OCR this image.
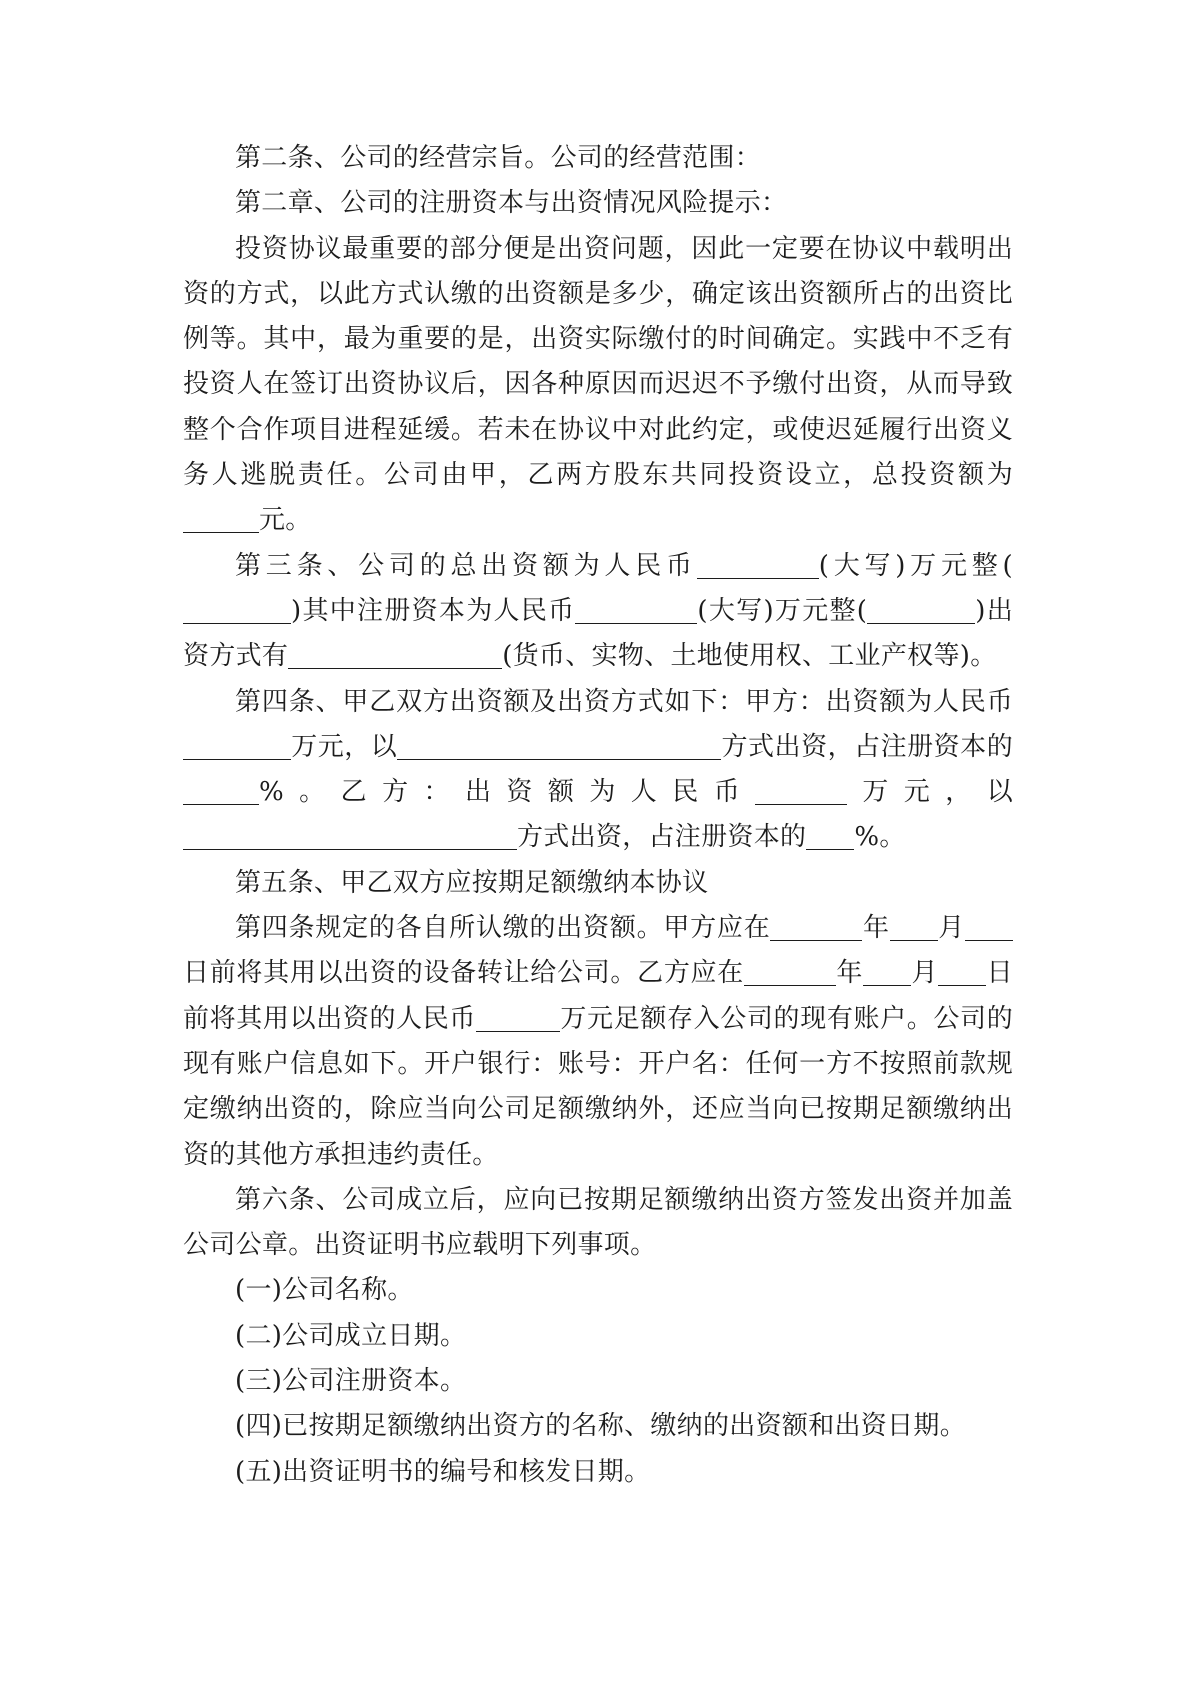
第二条、公司的经营宗旨。公司的经营范围：

第二章、公司的注册资本与出资情况风险提示：

投资协议最重要的部分便是出资问题，因此一定要在协议中载明出资的方式，以此方式认缴的出资额是多少，确定该出资额所占的出资比例等。其中，最为重要的是，出资实际缴付的时间确定。实践中不乏有投资人在签订出资协议后，因各种原因而迟迟不予缴付出资，从而导致整个合作项目进程延缓。若未在协议中对此约定，或使迟延履行出资义务人逃脱责任。公司由甲，乙两方股东共同投资设立，总投资额为元。

第三条、公司的总出资额为人民币	(大写)万元整()其中注册资本为人民币	(大写)万元整(	)出资方式有	(货币、实物、土地使用权、工业产权等)。

第四条、甲乙双方出资额及出资方式如下：甲方：出资额为人民币万元，以	方式出资，占注册资本的%。乙方：出资额为人民币	万元，以方式出资，占注册资本的 %。

第五条、甲乙双方应按期足额缴纳本协议

第四条规定的各自所认缴的出资额。甲方应在	年 月日前将其用以出资的设备转让给公司。乙方应在	年 月 日前将其用以出资的人民币	万元足额存入公司的现有账户。公司的现有账户信息如下。开户银行：账号：开户名：任何一方不按照前款规定缴纳出资的，除应当向公司足额缴纳外，还应当向已按期足额缴纳出资的其他方承担违约责任。

第六条、公司成立后，应向已按期足额缴纳出资方签发出资并加盖公司公章。出资证明书应载明下列事项。

(一)公司名称。

(二)公司成立日期。

(三)公司注册资本。

(四)已按期足额缴纳出资方的名称、缴纳的出资额和出资日期。

(五)出资证明书的编号和核发日期。
